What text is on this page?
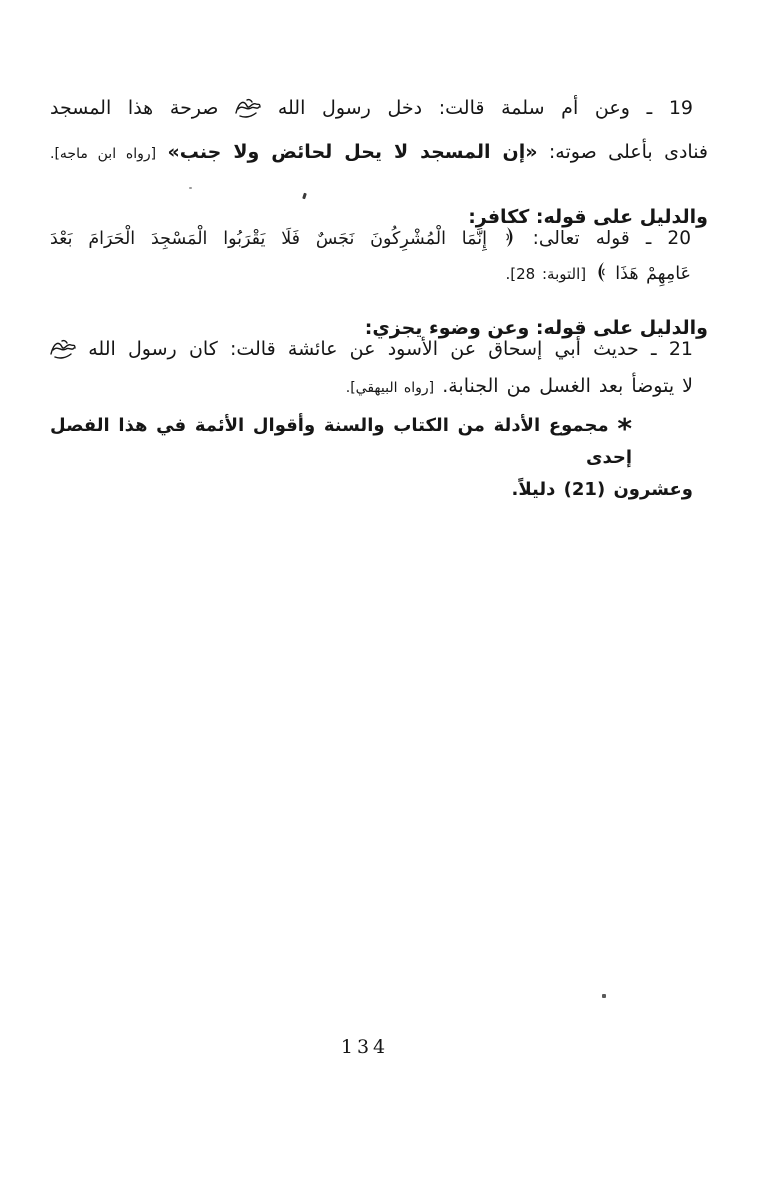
19 ـ وعن أم سلمة قالت: دخل رسول الله  صرحة هذا المسجد
فنادى بأعلى صوته: «إن المسجد لا يحل لحائض ولا جنب» [رواه ابن ماجه].
والدليل على قوله: ككافر:
20 ـ قوله تعالى:  إِنَّمَا الْمُشْرِكُونَ نَجَسٌ فَلَا يَقْرَبُوا الْمَسْجِدَ الْحَرَامَ بَعْدَ
عَامِهِمْ هَذَا  [التوبة: 28].
والدليل على قوله: وعن وضوء يجزي:
21 ـ حديث أبي إسحاق عن الأسود عن عائشة قالت: كان رسول الله
لا يتوضأ بعد الغسل من الجنابة. [رواه البيهقي].
* مجموع الأدلة من الكتاب والسنة وأقوال الأئمة في هذا الفصل إحدى
وعشرون (21) دليلاً.
134
